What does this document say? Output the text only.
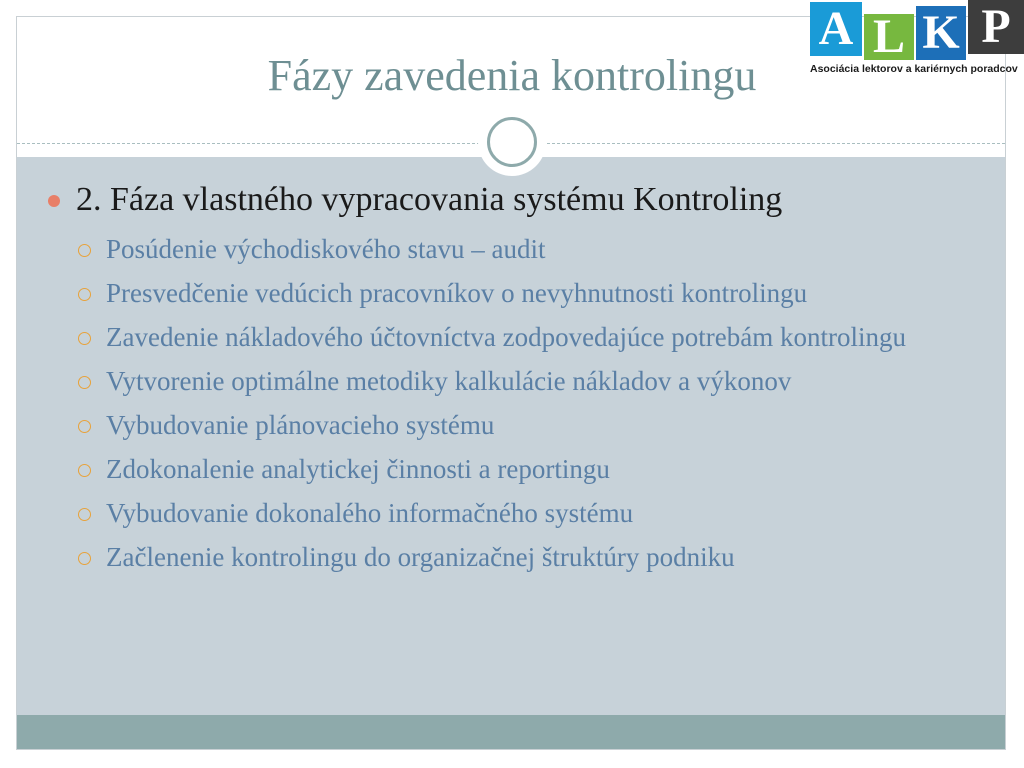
Fázy zavedenia kontrolingu
A L K P
Asociácia lektorov a kariérnych poradcov
2. Fáza vlastného vypracovania systému Kontroling
Posúdenie východiskového stavu – audit
Presvedčenie vedúcich pracovníkov o nevyhnutnosti kontrolingu
Zavedenie nákladového účtovníctva zodpovedajúce potrebám kontrolingu
Vytvorenie optimálne metodiky kalkulácie nákladov a výkonov
Vybudovanie plánovacieho systému
Zdokonalenie analytickej činnosti a reportingu
Vybudovanie dokonalého informačného systému
Začlenenie kontrolingu do organizačnej štruktúry podniku
